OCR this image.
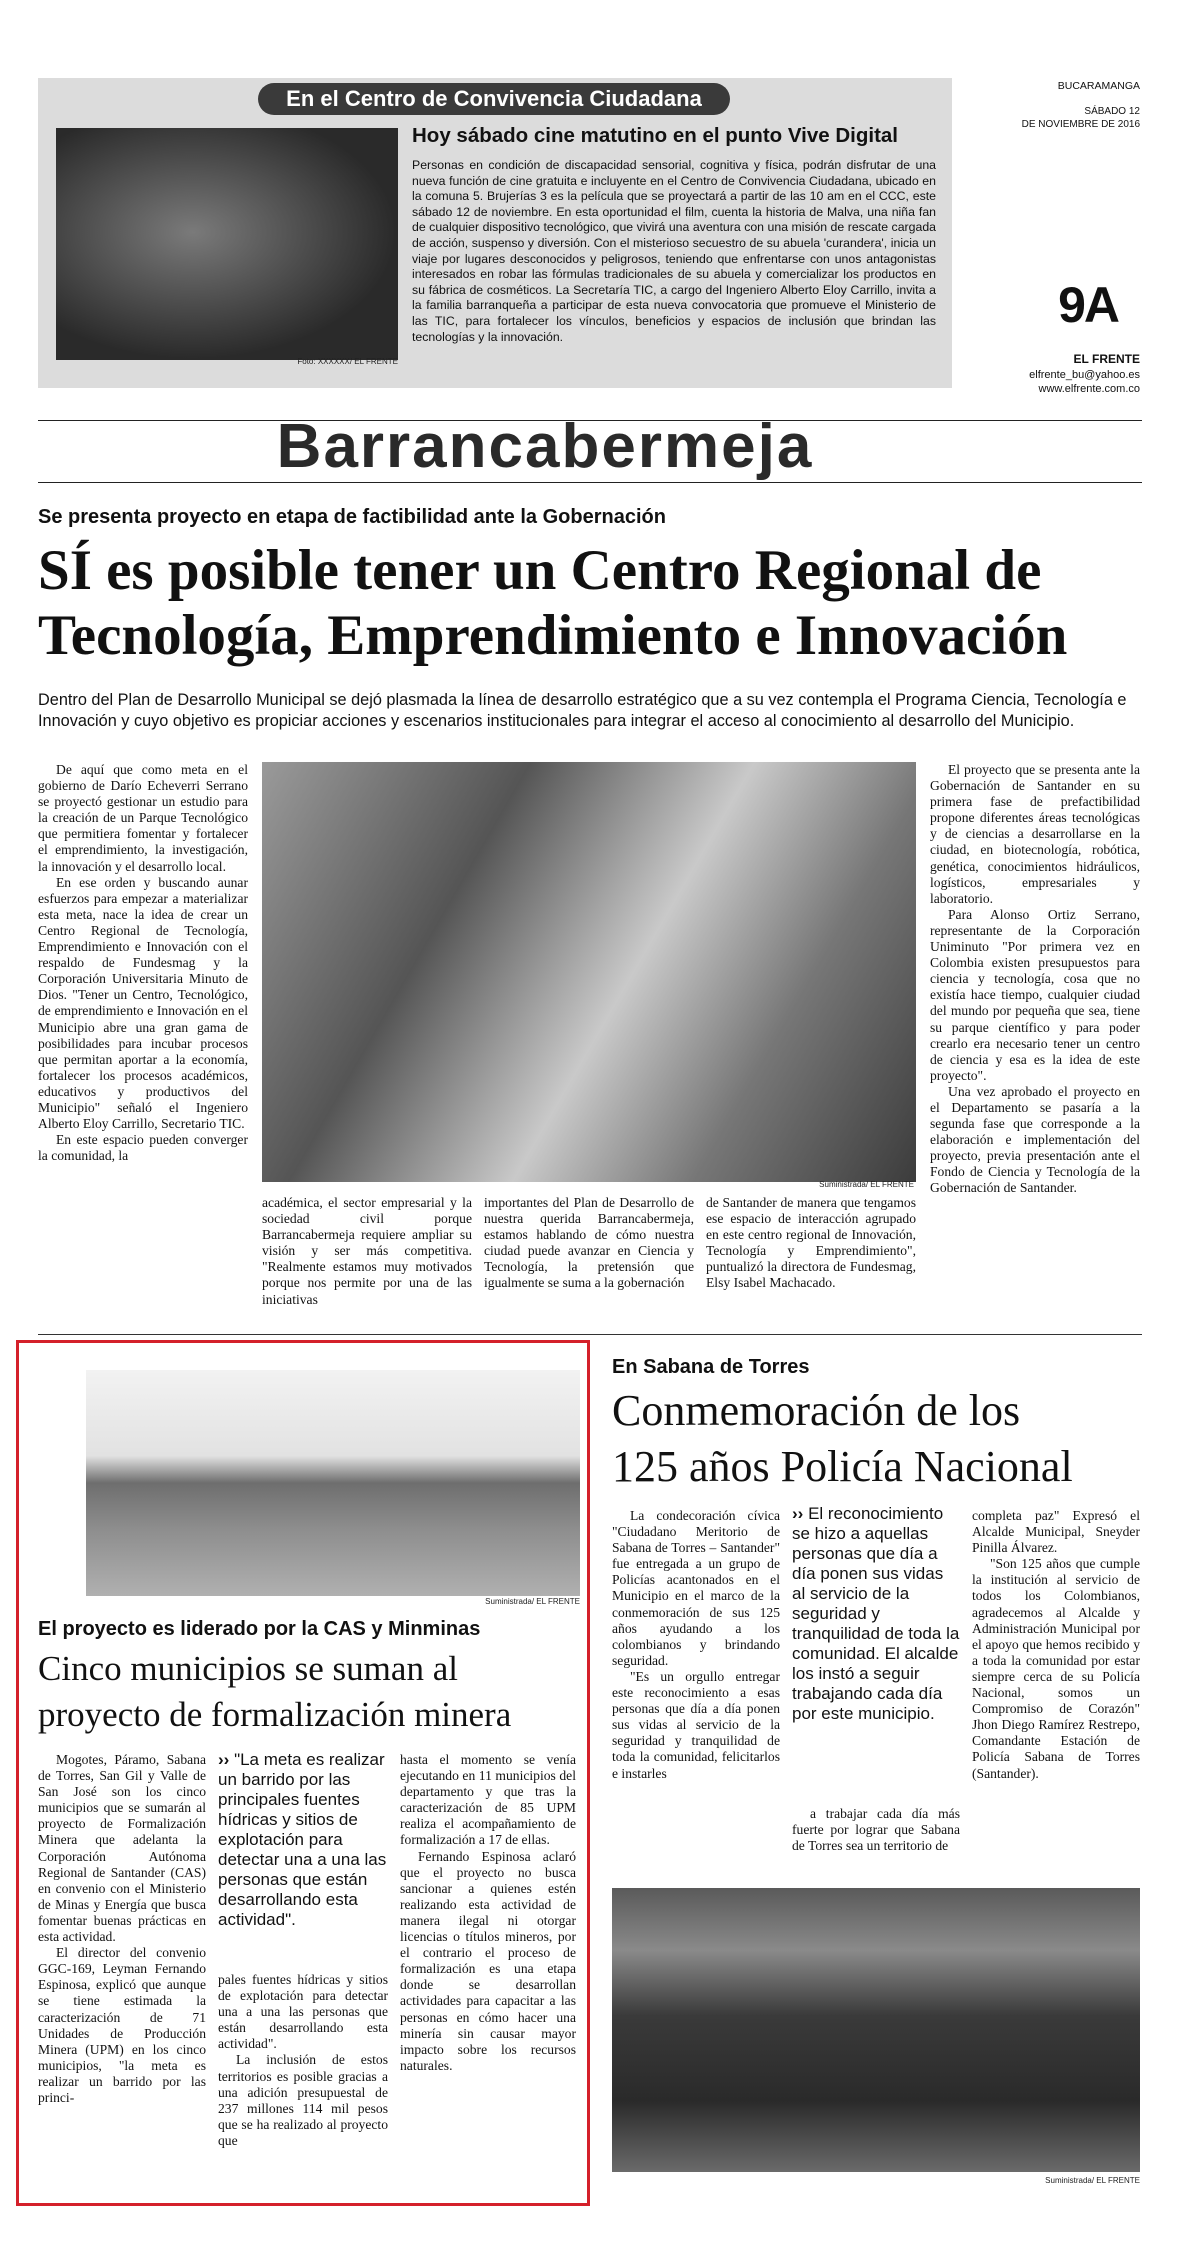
En el Centro de Convivencia Ciudadana
Foto: XXXXXX/ EL FRENTE
Hoy sábado cine matutino en el punto Vive Digital
Personas en condición de discapacidad sensorial, cognitiva y física, podrán disfrutar de una nueva función de cine gratuita e incluyente en el Centro de Convivencia Ciudadana, ubicado en la comuna 5. Brujerías 3 es la película que se proyectará a partir de las 10 am en el CCC, este sábado 12 de noviembre. En esta oportunidad el film, cuenta la historia de Malva, una niña fan de cualquier dispositivo tecnológico, que vivirá una aventura con una misión de rescate cargada de acción, suspenso y diversión. Con el misterioso secuestro de su abuela 'curandera', inicia un viaje por lugares desconocidos y peligrosos, teniendo que enfrentarse con unos antagonistas interesados en robar las fórmulas tradicionales de su abuela y comercializar los productos en su fábrica de cosméticos. La Secretaría TIC, a cargo del Ingeniero Alberto Eloy Carrillo, invita a la familia barranqueña a participar de esta nueva convocatoria que promueve el Ministerio de las TIC, para fortalecer los vínculos, beneficios y espacios de inclusión que brindan las tecnologías y la innovación.
BUCARAMANGA
SÁBADO 12
DE NOVIEMBRE DE 2016
9A
EL FRENTE
elfrente_bu@yahoo.es
www.elfrente.com.co
Barrancabermeja
Se presenta proyecto en etapa de factibilidad ante la Gobernación
SÍ es posible tener un Centro Regional de
Tecnología, Emprendimiento e Innovación
Dentro del Plan de Desarrollo Municipal se dejó plasmada la línea de desarrollo estratégico que a su vez contempla el Programa Ciencia, Tecnología e Innovación y cuyo objetivo es propiciar acciones y escenarios institucionales para integrar el acceso al conocimiento al desarrollo del Municipio.

De aquí que como meta en el gobierno de Darío Echeverri Serrano se proyectó gestionar un estudio para la creación de un Parque Tecnológico que permitiera fomentar y fortalecer el emprendimiento, la investigación, la innovación y el desarrollo local.

En ese orden y buscando aunar esfuerzos para empezar a materializar esta meta, nace la idea de crear un Centro Regional de Tecnología, Emprendimiento e Innovación con el respaldo de Fundesmag y la Corporación Universitaria Minuto de Dios. "Tener un Centro, Tecnológico, de emprendimiento e Innovación en el Municipio abre una gran gama de posibilidades para incubar procesos que permitan aportar a la economía, fortalecer los procesos académicos, educativos y productivos del Municipio" señaló el Ingeniero Alberto Eloy Carrillo, Secretario TIC.

En este espacio pueden converger la comunidad, la

Suministrada/ EL FRENTE

académica, el sector empresarial y la sociedad civil porque Barrancabermeja requiere ampliar su visión y ser más competitiva. "Realmente estamos muy motivados porque nos permite por una de las iniciativas

importantes del Plan de Desarrollo de nuestra querida Barrancabermeja, estamos hablando de cómo nuestra ciudad puede avanzar en Ciencia y Tecnología, la pretensión que igualmente se suma a la gobernación

de Santander de manera que tengamos ese espacio de interacción agrupado en este centro regional de Innovación, Tecnología y Emprendimiento", puntualizó la directora de Fundesmag, Elsy Isabel Machacado.

El proyecto que se presenta ante la Gobernación de Santander en su primera fase de prefactibilidad propone diferentes áreas tecnológicas y de ciencias a desarrollarse en la ciudad, en biotecnología, robótica, genética, conocimientos hidráulicos, logísticos, empresariales y laboratorio.

Para Alonso Ortiz Serrano, representante de la Corporación Uniminuto "Por primera vez en Colombia existen presupuestos para ciencia y tecnología, cosa que no existía hace tiempo, cualquier ciudad del mundo por pequeña que sea, tiene su parque científico y para poder crearlo era necesario tener un centro de ciencia y esa es la idea de este proyecto".

Una vez aprobado el proyecto en el Departamento se pasaría a la segunda fase que corresponde a la elaboración e implementación del proyecto, previa presentación ante el Fondo de Ciencia y Tecnología de la Gobernación de Santander.

Suministrada/ EL FRENTE
El proyecto es liderado por la CAS y Minminas
Cinco municipios se suman al
proyecto de formalización minera

Mogotes, Páramo, Sabana de Torres, San Gil y Valle de San José son los cinco municipios que se sumarán al proyecto de Formalización Minera que adelanta la Corporación Autónoma Regional de Santander (CAS) en convenio con el Ministerio de Minas y Energía que busca fomentar buenas prácticas en esta actividad.

El director del convenio GGC-169, Leyman Fernando Espinosa, explicó que aunque se tiene estimada la caracterización de 71 Unidades de Producción Minera (UPM) en los cinco municipios, "la meta es realizar un barrido por las princi-

›› "La meta es realizar un barrido por las principales fuentes hídricas y sitios de explotación para detectar una a una las personas que están desarrollando esta actividad".

pales fuentes hídricas y sitios de explotación para detectar una a una las personas que están desarrollando esta actividad".

La inclusión de estos territorios es posible gracias a una adición presupuestal de 237 millones 114 mil pesos que se ha realizado al proyecto que

hasta el momento se venía ejecutando en 11 municipios del departamento y que tras la caracterización de 85 UPM realiza el acompañamiento de formalización a 17 de ellas.

Fernando Espinosa aclaró que el proyecto no busca sancionar a quienes estén realizando esta actividad de manera ilegal ni otorgar licencias o títulos mineros, por el contrario el proceso de formalización es una etapa donde se desarrollan actividades para capacitar a las personas en cómo hacer una minería sin causar mayor impacto sobre los recursos naturales.

En Sabana de Torres
Conmemoración de los
125 años Policía Nacional

La condecoración cívica "Ciudadano Meritorio de Sabana de Torres – Santander" fue entregada a un grupo de Policías acantonados en el Municipio en el marco de la conmemoración de sus 125 años ayudando a los colombianos y brindando seguridad.

"Es un orgullo entregar este reconocimiento a esas personas que día a día ponen sus vidas al servicio de la seguridad y tranquilidad de toda la comunidad, felicitarlos e instarles

›› El reconocimiento se hizo a aquellas personas que día a día ponen sus vidas al servicio de la seguridad y tranquilidad de toda la comunidad. El alcalde los instó a seguir trabajando cada día por este municipio.

a trabajar cada día más fuerte por lograr que Sabana de Torres sea un territorio de

completa paz" Expresó el Alcalde Municipal, Sneyder Pinilla Álvarez.

"Son 125 años que cumple la institución al servicio de todos los Colombianos, agradecemos al Alcalde y Administración Municipal por el apoyo que hemos recibido y a toda la comunidad por estar siempre cerca de su Policía Nacional, somos un Compromiso de Corazón" Jhon Diego Ramírez Restrepo, Comandante Estación de Policía Sabana de Torres (Santander).

Suministrada/ EL FRENTE
